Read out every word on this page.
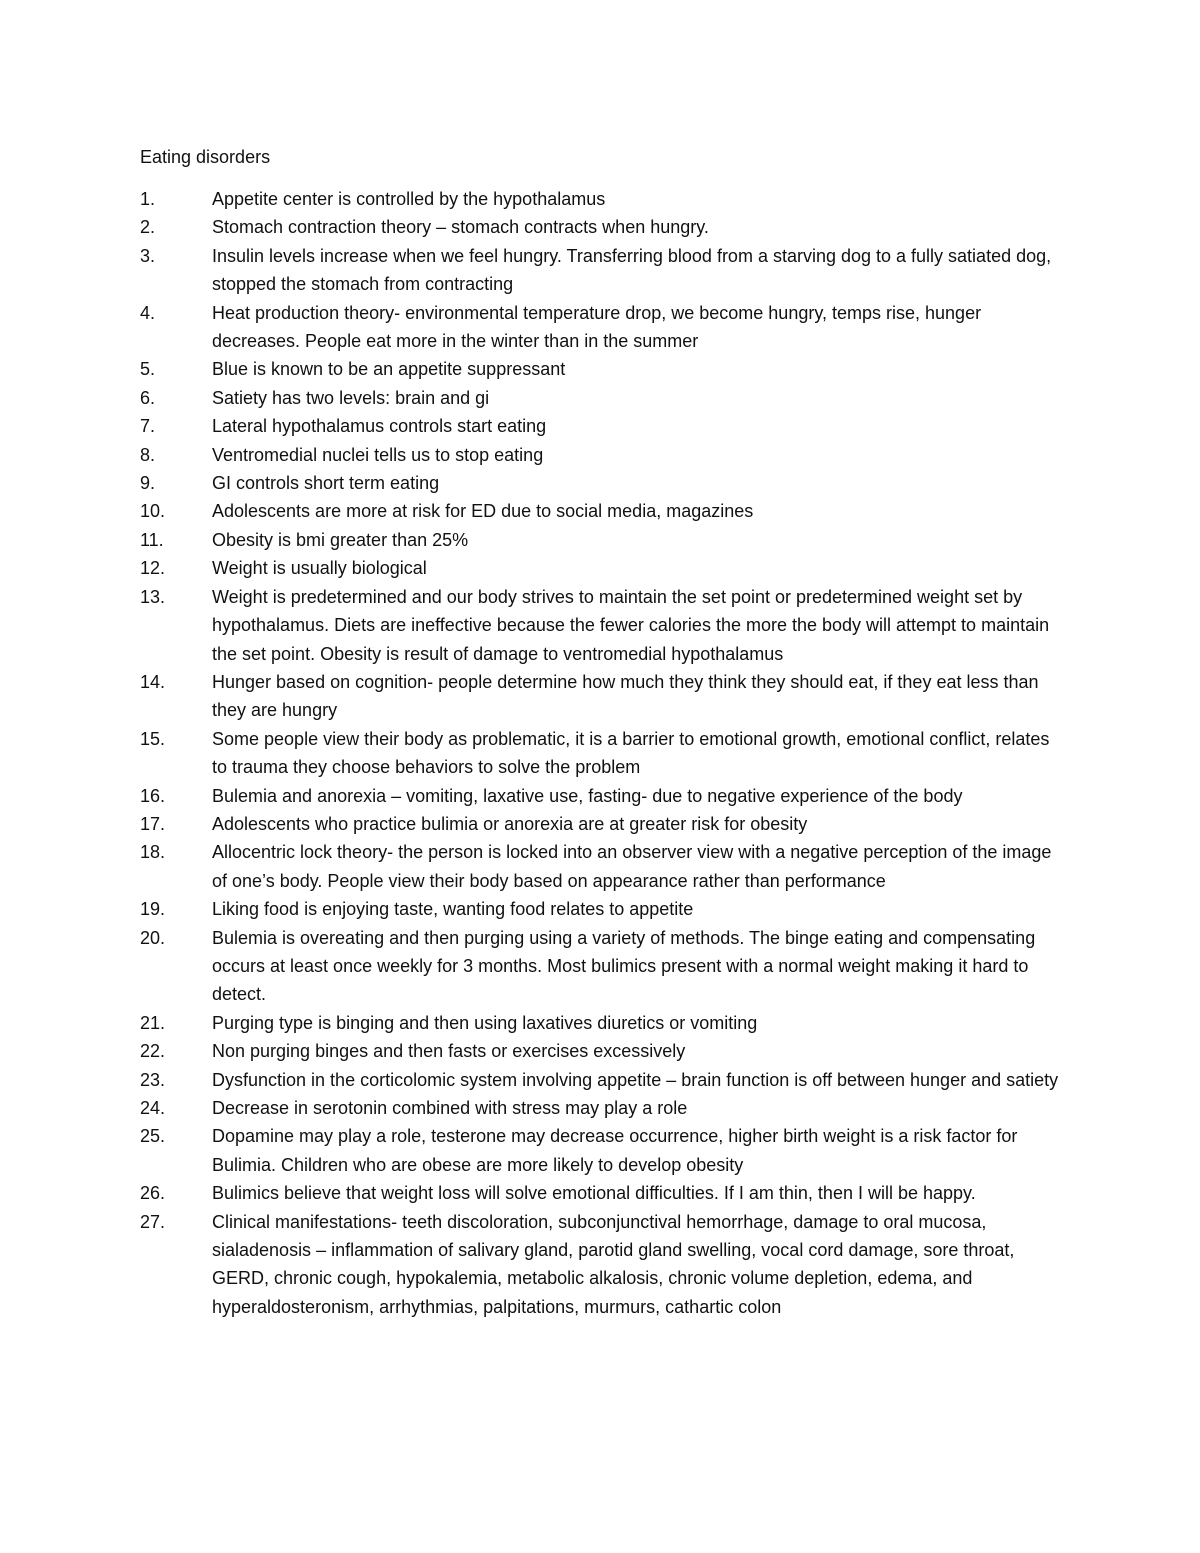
Eating disorders
1.	Appetite center is controlled by the hypothalamus
2.	Stomach contraction theory – stomach contracts when hungry.
3.	Insulin levels increase when we feel hungry. Transferring blood from a starving dog to a fully satiated dog, stopped the stomach from contracting
4.	Heat production theory- environmental temperature drop, we become hungry, temps rise, hunger decreases. People eat more in the winter than in the summer
5.	Blue is known to be an appetite suppressant
6.	Satiety has two levels: brain and gi
7.	Lateral hypothalamus controls start eating
8.	Ventromedial nuclei tells us to stop eating
9.	GI controls short term eating
10.	Adolescents are more at risk for ED due to social media, magazines
11.	Obesity is bmi greater than 25%
12.	Weight is usually biological
13.	Weight is predetermined and our body strives to maintain the set point or predetermined weight set by hypothalamus. Diets are ineffective because the fewer calories the more the body will attempt to maintain the set point. Obesity is result of damage to ventromedial hypothalamus
14.	Hunger based on cognition- people determine how much they think they should eat, if they eat less than they are hungry
15.	Some people view their body as problematic, it is a barrier to emotional growth, emotional conflict, relates to trauma they choose behaviors to solve the problem
16.	Bulemia and anorexia – vomiting, laxative use, fasting- due to negative experience of the body
17.	Adolescents who practice bulimia or anorexia are at greater risk for obesity
18.	Allocentric lock theory- the person is locked into an observer view with a negative perception of the image of one’s body. People view their body based on appearance rather than performance
19.	Liking food is enjoying taste, wanting food relates to appetite
20.	Bulemia is overeating and then purging using a variety of methods. The binge eating and compensating occurs at least once weekly for 3 months. Most bulimics present with a normal weight making it hard to detect.
21.	Purging type is binging and then using laxatives diuretics or vomiting
22.	Non purging binges and then fasts or exercises excessively
23.	Dysfunction in the corticolomic system involving appetite – brain function is off between hunger and satiety
24.	Decrease in serotonin combined with stress may play a role
25.	Dopamine may play a role, testerone may decrease occurrence, higher birth weight is a risk factor for Bulimia. Children who are obese are more likely to develop obesity
26.	Bulimics believe that weight loss will solve emotional difficulties. If I am thin, then I will be happy.
27.	Clinical manifestations- teeth discoloration, subconjunctival hemorrhage, damage to oral mucosa, sialadenosis – inflammation of salivary gland, parotid gland swelling, vocal cord damage, sore throat, GERD, chronic cough, hypokalemia, metabolic alkalosis, chronic volume depletion, edema, and hyperaldosteronism, arrhythmias, palpitations, murmurs, cathartic colon
